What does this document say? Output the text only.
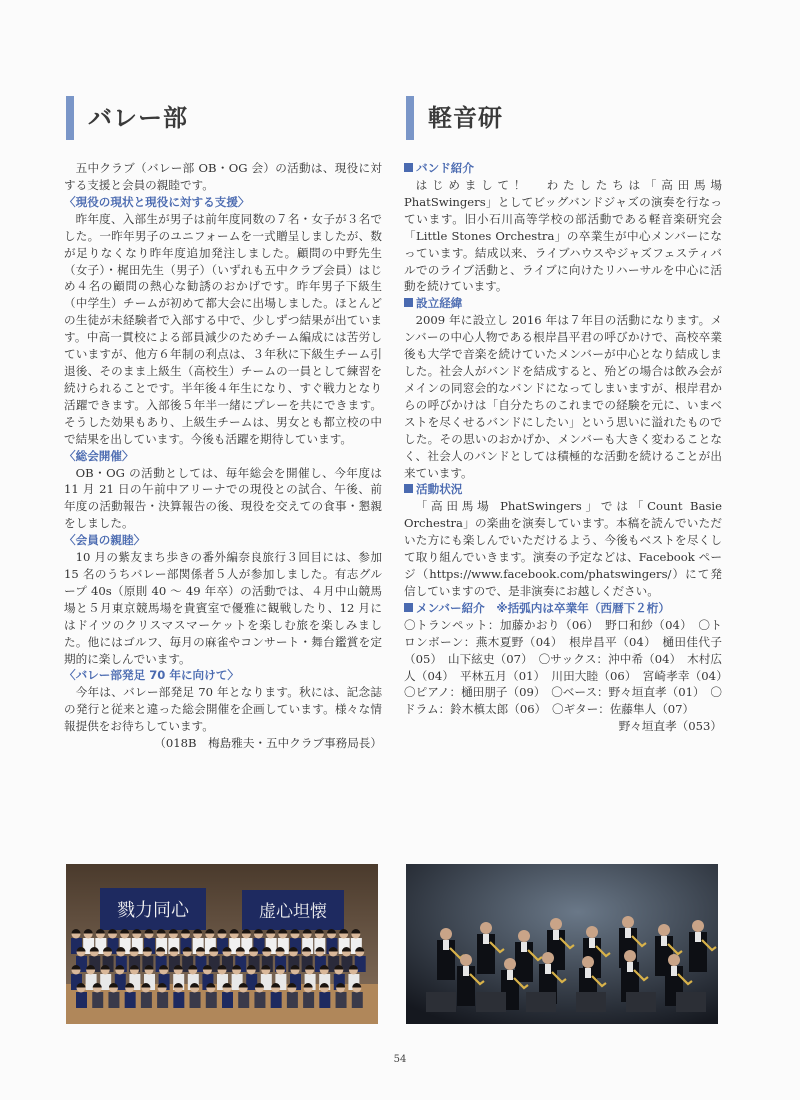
バレー部

五中クラブ（バレー部 OB・OG 会）の活動は、現役に対する支援と会員の親睦です。

〈現役の現状と現役に対する支援〉

昨年度、入部生が男子は前年度同数の７名・女子が３名でした。一昨年男子のユニフォームを一式贈呈しましたが、数が足りなくなり昨年度追加発注しました。顧問の中野先生（女子）・梶田先生（男子）（いずれも五中クラブ会員）はじめ４名の顧問の熱心な勧誘のおかげです。昨年男子下級生（中学生）チームが初めて都大会に出場しました。ほとんどの生徒が未経験者で入部する中で、少しずつ結果が出ています。中高一貫校による部員減少のためチーム編成には苦労していますが、他方６年制の利点は、３年秋に下級生チーム引退後、そのまま上級生（高校生）チームの一員として練習を続けられることです。半年後４年生になり、すぐ戦力となり活躍できます。入部後５年半一緒にプレーを共にできます。そうした効果もあり、上級生チームは、男女とも都立校の中で結果を出しています。今後も活躍を期待しています。

〈総会開催〉

OB・OG の活動としては、毎年総会を開催し、今年度は 11 月 21 日の午前中アリーナでの現役との試合、午後、前年度の活動報告・決算報告の後、現役を交えての食事・懇親をしました。

〈会員の親睦〉

10 月の紫友まち歩きの番外編奈良旅行３回目には、参加 15 名のうちバレー部関係者５人が参加しました。有志グループ 40s（原則 40 〜 49 年卒）の活動では、４月中山競馬場と５月東京競馬場を貴賓室で優雅に観戦したり、12 月にはドイツのクリスマスマーケットを楽しむ旅を楽しみました。他にはゴルフ、毎月の麻雀やコンサート・舞台鑑賞を定期的に楽しんでいます。

〈バレー部発足 70 年に向けて〉

今年は、バレー部発足 70 年となります。秋には、記念誌の発行と従来と違った総会開催を企画しています。様々な情報提供をお待ちしています。

（018B　梅島雅夫・五中クラブ事務局長）
軽音研
バンド紹介

はじめまして！　わたしたちは「高田馬場 PhatSwingers」としてビッグバンドジャズの演奏を行なっています。旧小石川高等学校の部活動である軽音楽研究会「Little Stones Orchestra」の卒業生が中心メンバーになっています。結成以来、ライブハウスやジャズフェスティバルでのライブ活動と、ライブに向けたリハーサルを中心に活動を続けています。

設立経緯

2009 年に設立し 2016 年は７年目の活動になります。メンバーの中心人物である根岸昌平君の呼びかけで、高校卒業後も大学で音楽を続けていたメンバーが中心となり結成しました。社会人がバンドを結成すると、殆どの場合は飲み会がメインの同窓会的なバンドになってしまいますが、根岸君からの呼びかけは「自分たちのこれまでの経験を元に、いまベストを尽くせるバンドにしたい」という思いに溢れたものでした。その思いのおかげか、メンバーも大きく変わることなく、社会人のバンドとしては積極的な活動を続けることが出来ています。

活動状況

「高田馬場 PhatSwingers」では「Count Basie Orchestra」の楽曲を演奏しています。本稿を読んでいただいた方にも楽しんでいただけるよう、今後もベストを尽くして取り組んでいきます。演奏の予定などは、Facebook ページ（https://www.facebook.com/phatswingers/）にて発信していますので、是非演奏にお越しください。

メンバー紹介　※括弧内は卒業年（西暦下２桁）

〇トランペット：加藤かおり（06）　野口和紗（04）　〇トロンボーン：燕木夏野（04）　根岸昌平（04）　樋田佳代子（05）　山下絃史（07）　〇サックス：沖中希（04）　木村広人（04）　平林五月（01）　川田大睦（06）　宮崎孝幸（04）　〇ピアノ：樋田朋子（09）　〇ベース：野々垣直孝（01）　〇ドラム：鈴木槙太郎（06）　〇ギター：佐藤隼人（07）

野々垣直孝（053）
戮力同心	虚心坦懐
54
